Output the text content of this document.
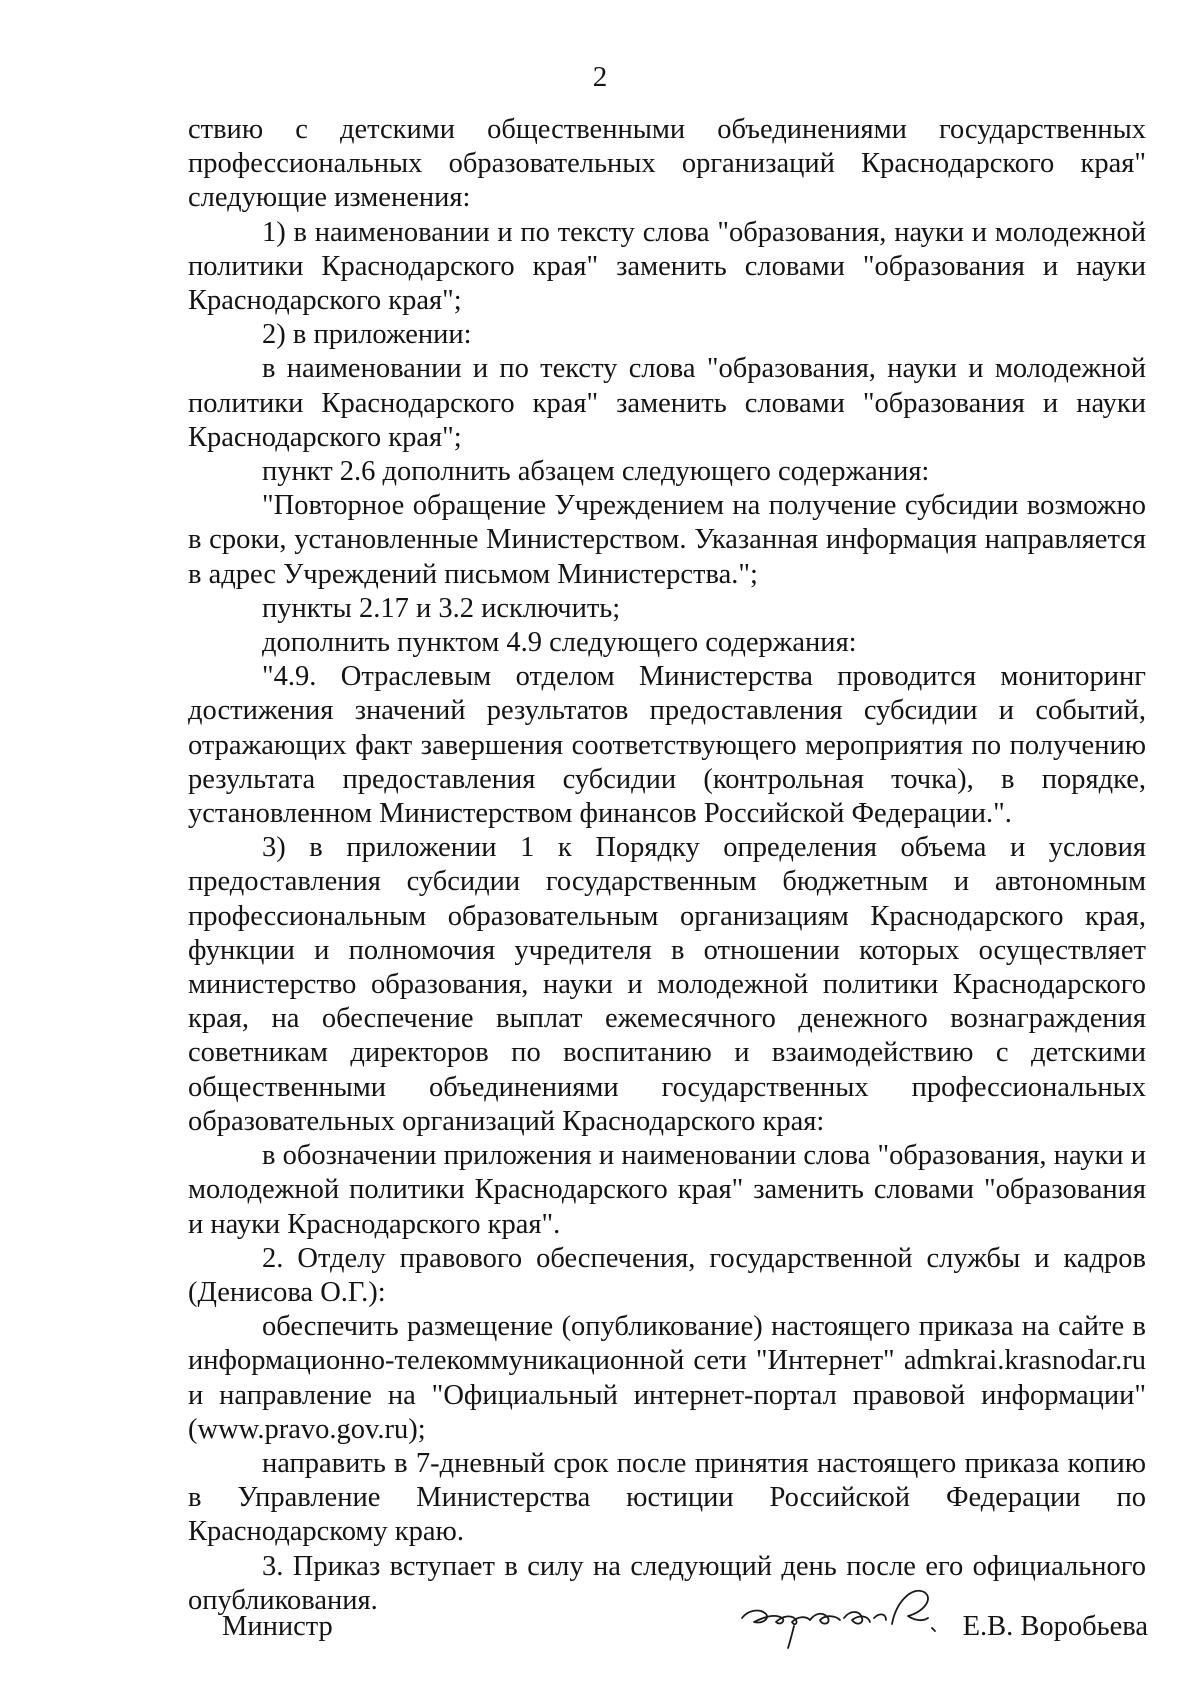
2

ствию с детскими общественными объединениями государственных профессиональных образовательных организаций Краснодарского края" следующие изменения:

1) в наименовании и по тексту слова "образования, науки и молодежной политики Краснодарского края" заменить словами "образования и науки Краснодарского края";

2) в приложении:

в наименовании и по тексту слова "образования, науки и молодежной политики Краснодарского края" заменить словами "образования и науки Краснодарского края";

пункт 2.6 дополнить абзацем следующего содержания:

"Повторное обращение Учреждением на получение субсидии возможно в сроки, установленные Министерством. Указанная информация направляется в адрес Учреждений письмом Министерства.";

пункты 2.17 и 3.2 исключить;

дополнить пунктом 4.9 следующего содержания:

"4.9. Отраслевым отделом Министерства проводится мониторинг достижения значений результатов предоставления субсидии и событий, отражающих факт завершения соответствующего мероприятия по получению результата предоставления субсидии (контрольная точка), в порядке, установленном Министерством финансов Российской Федерации.".

3) в приложении 1 к Порядку определения объема и условия предоставления субсидии государственным бюджетным и автономным профессиональным образовательным организациям Краснодарского края, функции и полномочия учредителя в отношении которых осуществляет министерство образования, науки и молодежной политики Краснодарского края, на обеспечение выплат ежемесячного денежного вознаграждения советникам директоров по воспитанию и взаимодействию с детскими общественными объединениями государственных профессиональных образовательных организаций Краснодарского края:

в обозначении приложения и наименовании слова "образования, науки и молодежной политики Краснодарского края" заменить словами "образования и науки Краснодарского края".

2. Отделу правового обеспечения, государственной службы и кадров (Денисова О.Г.):

обеспечить размещение (опубликование) настоящего приказа на сайте в информационно-телекоммуникационной сети "Интернет" admkrai.krasnodar.ru и направление на "Официальный интернет-портал правовой информации" (www.pravo.gov.ru);

направить в 7-дневный срок после принятия настоящего приказа копию в Управление Министерства юстиции Российской Федерации по Краснодарскому краю.

3. Приказ вступает в силу на следующий день после его официального опубликования.

Министр	Е.В. Воробьева
